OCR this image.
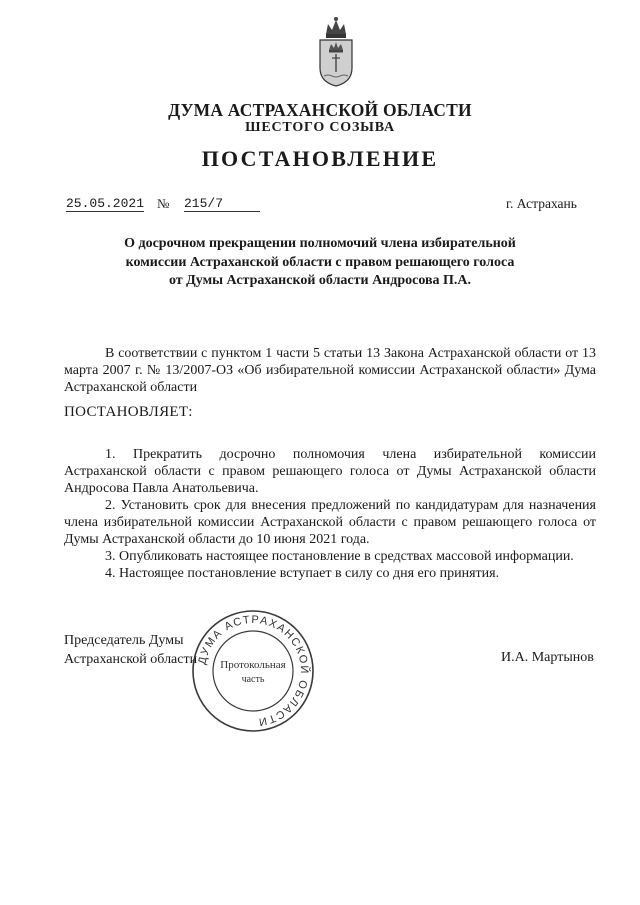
ДУМА АСТРАХАНСКОЙ ОБЛАСТИ
ШЕСТОГО СОЗЫВА
ПОСТАНОВЛЕНИЕ
25.05.2021 № 215/7	г. Астрахань
О досрочном прекращении полномочий члена избирательной
комиссии Астраханской области с правом решающего голоса
от Думы Астраханской области Андросова П.А.
В соответствии с пунктом 1 части 5 статьи 13 Закона Астраханской области от 13 марта 2007 г. № 13/2007-ОЗ «Об избирательной комиссии Астраханской области» Дума Астраханской области
ПОСТАНОВЛЯЕТ:
1. Прекратить досрочно полномочия члена избирательной комиссии Астраханской области с правом решающего голоса от Думы Астраханской области Андросова Павла Анатольевича.
2. Установить срок для внесения предложений по кандидатурам для назначения члена избирательной комиссии Астраханской области с правом решающего голоса от Думы Астраханской области до 10 июня 2021 года.
3. Опубликовать настоящее постановление в средствах массовой информации.
4. Настоящее постановление вступает в силу со дня его принятия.
Председатель Думы
Астраханской области	И.А. Мартынов
ДУМА АСТРАХАНСКОЙ ОБЛАСТИ
Протокольная
часть
